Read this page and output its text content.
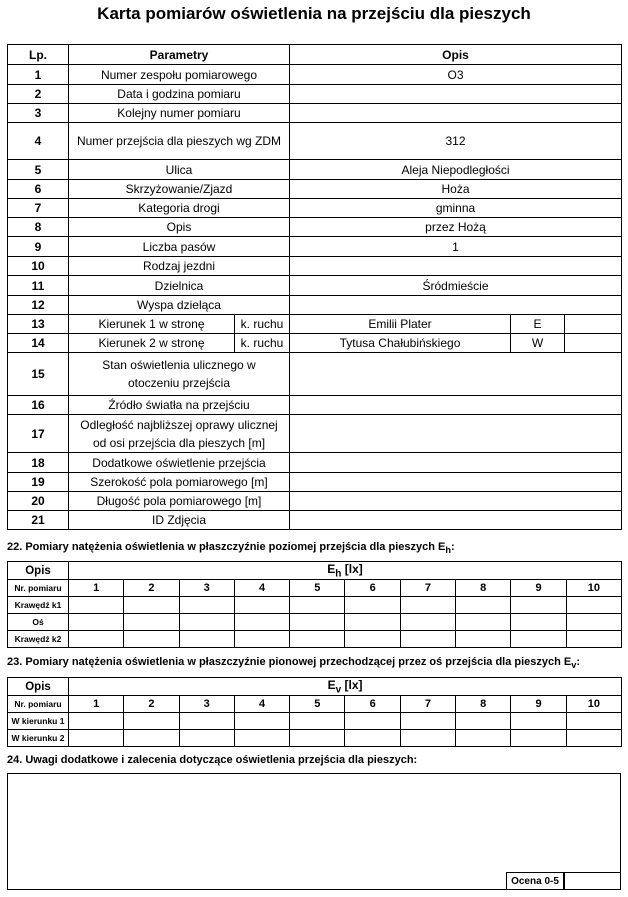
Karta pomiarów oświetlenia na przejściu dla pieszych
Lp.	Parametry		Opis		
1	Numer zespołu pomiarowego		O3		
2	Data i godzina pomiaru				
3	Kolejny numer pomiaru				
4	Numer przejścia dla pieszych wg ZDM		312		
5	Ulica		Aleja Niepodległości		
6	Skrzyżowanie/Zjazd		Hoża		
7	Kategoria drogi		gminna		
8	Opis		przez Hożą		
9	Liczba pasów		1		
10	Rodzaj jezdni				
11	Dzielnica		Śródmieście		
12	Wyspa dzieląca				
13	Kierunek 1 w stronę	k. ruchu	Emilii Plater	E	
14	Kierunek 2 w stronę	k. ruchu	Tytusa Chałubińskiego	W	
15	Stan oświetlenia ulicznego w
otoczeniu przejścia				

16	Źródło światła na przejściu				
17	Odległość najbliższej oprawy ulicznej
od osi przejścia dla pieszych [m]				

18	Dodatkowe oświetlenie przejścia				
19	Szerokość pola pomiarowego [m]				
20	Długość pola pomiarowego [m]				
21	ID Zdjęcia				
22. Pomiary natężenia oświetlenia w płaszczyźnie poziomej przejścia dla pieszych $E_h$:
Opis	$E_h$ [lx]									
Nr. pomiaru	1	2	3	4	5	6	7	8	9	10
Krawędź k1										
Oś										
Krawędź k2										
23. Pomiary natężenia oświetlenia w płaszczyźnie pionowej przechodzącej przez oś przejścia dla pieszych $E_v$:
Opis	$E_v$ [lx]									
Nr. pomiaru	1	2	3	4	5	6	7	8	9	10
W kierunku 1										
W kierunku 2										
24. Uwagi dodatkowe i zalecenia dotyczące oświetlenia przejścia dla pieszych:
Ocena 0-5
